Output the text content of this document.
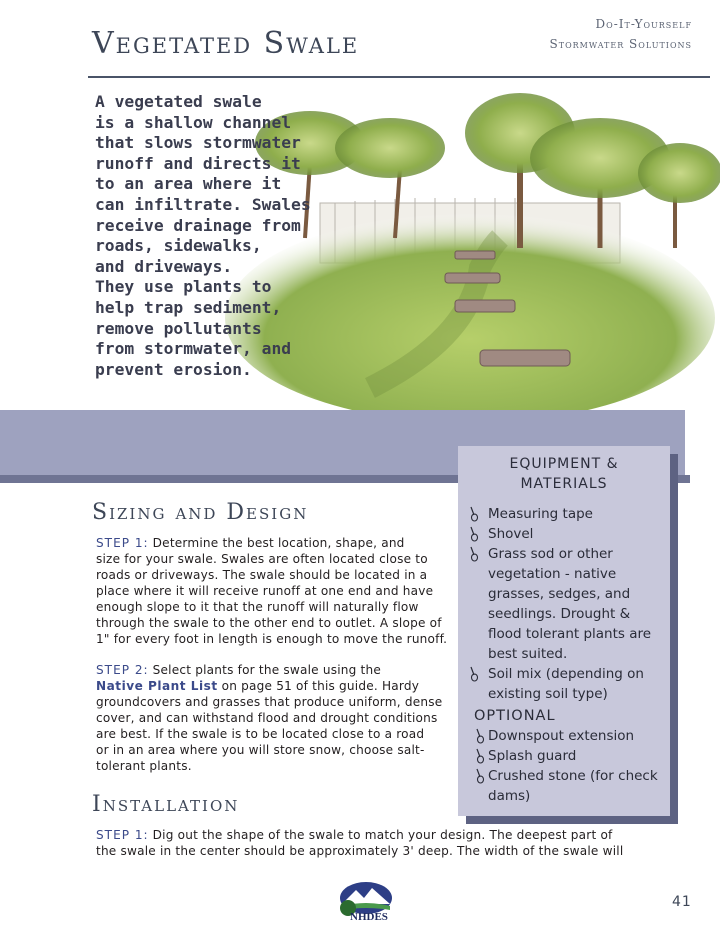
Vegetated Swale
Do-It-Yourself
Stormwater Solutions
A vegetated swale
is a shallow channel
that slows stormwater
runoff and directs it
to an area where it
can infiltrate. Swales
receive drainage from
roads, sidewalks,
and driveways.
They use plants to
help trap sediment,
remove pollutants
from stormwater, and
prevent erosion.
EQUIPMENT &
MATERIALS
Measuring tape
Shovel
Grass sod or other
vegetation - native
grasses, sedges, and
seedlings. Drought &
flood tolerant plants are
best suited.
Soil mix (depending on
existing soil type)
OPTIONAL
Downspout extension
Splash guard
Crushed stone (for check
dams)
Sizing and Design
STEP 1: Determine the best location, shape, and
size for your swale. Swales are often located close to
roads or driveways. The swale should be located in a
place where it will receive runoff at one end and have
enough slope to it that the runoff will naturally flow
through the swale to the other end to outlet. A slope of
1" for every foot in length is enough to move the runoff.
STEP 2: Select plants for the swale using the
Native Plant List on page 51 of this guide. Hardy
groundcovers and grasses that produce uniform, dense
cover, and can withstand flood and drought conditions
are best. If the swale is to be located close to a road
or in an area where you will store snow, choose salt-
tolerant plants.
Installation
STEP 1: Dig out the shape of the swale to match your design. The deepest part of
the swale in the center should be approximately 3' deep. The width of the swale will
NHDES
41
